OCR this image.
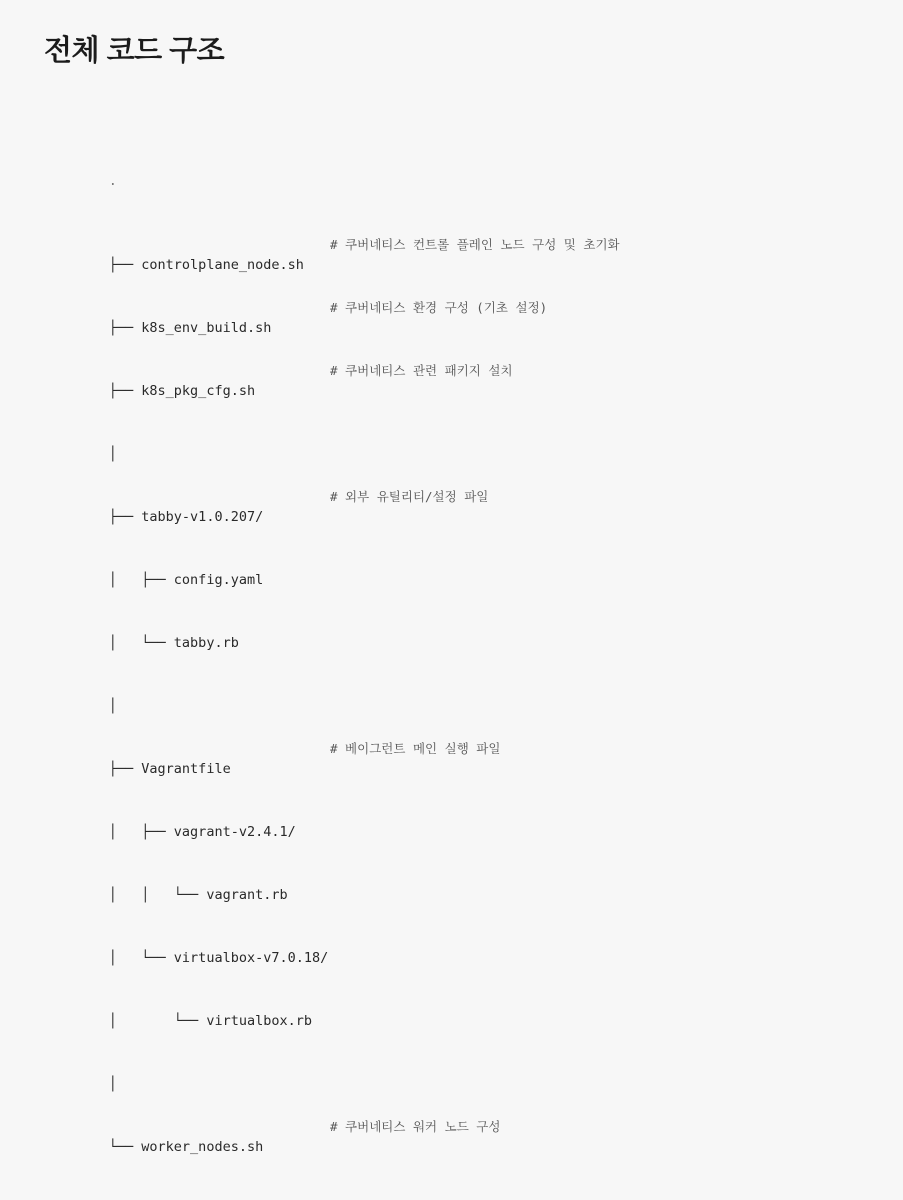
전체 코드 구조

.

├── controlplane_node.sh

# 쿠버네티스 컨트롤 플레인 노드 구성 및 초기화

├── k8s_env_build.sh

# 쿠버네티스 환경 구성 (기초 설정)

├── k8s_pkg_cfg.sh

# 쿠버네티스 관련 패키지 설치

│

├── tabby-v1.0.207/

# 외부 유틸리티/설정 파일

│   ├── config.yaml

│   └── tabby.rb

│

├── Vagrantfile

# 베이그런트 메인 실행 파일

│   ├── vagrant-v2.4.1/

│   │   └── vagrant.rb

│   └── virtualbox-v7.0.18/

│       └── virtualbox.rb

│

└── worker_nodes.sh

# 쿠버네티스 워커 노드 구성
